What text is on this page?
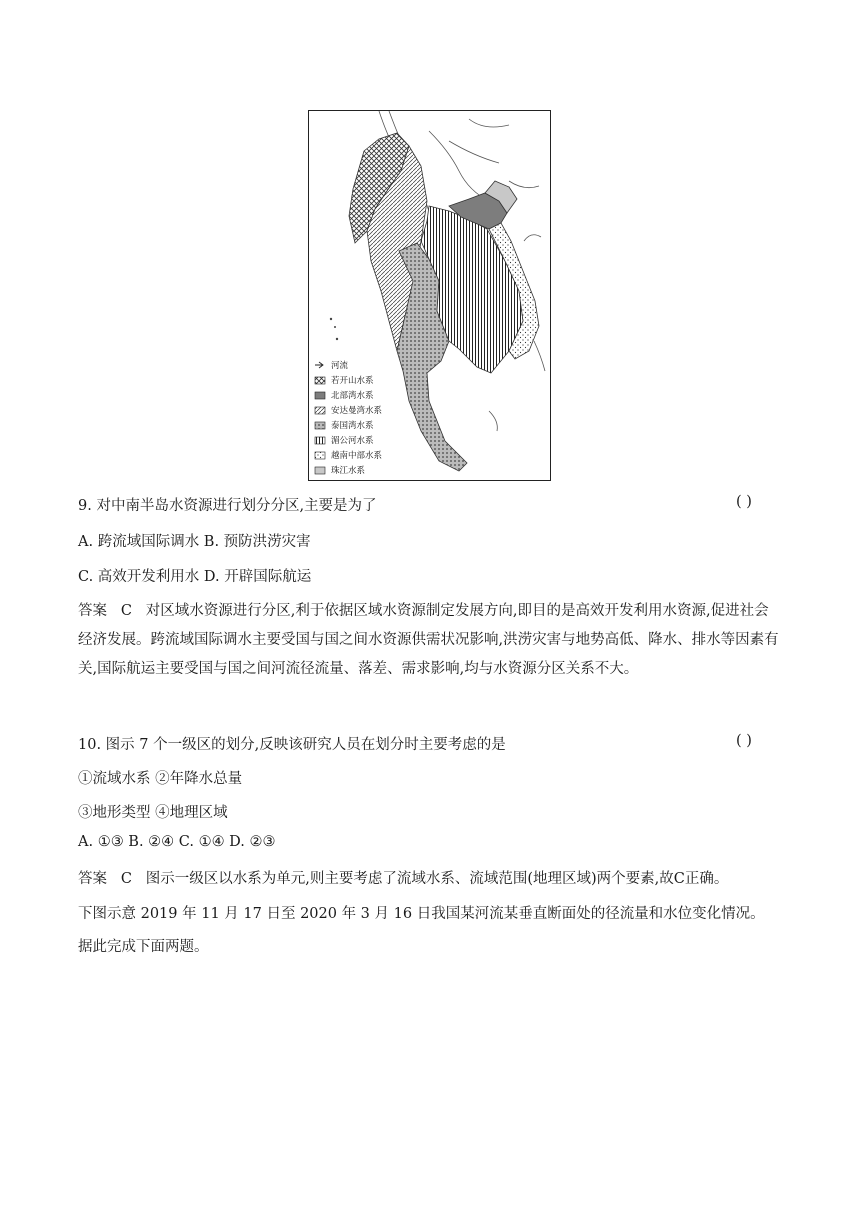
河流
若开山水系
北部湾水系
安达曼湾水系
泰国湾水系
湄公河水系
越南中部水系
珠江水系
9. 对中南半岛水资源进行划分分区,主要是为了	( )
A. 跨流域国际调水 B. 预防洪涝灾害
C. 高效开发利用水 D. 开辟国际航运
答案 C 对区域水资源进行分区,利于依据区域水资源制定发展方向,即目的是高效开发利用水资源,促进社会经济发展。跨流域国际调水主要受国与国之间水资源供需状况影响,洪涝灾害与地势高低、降水、排水等因素有关,国际航运主要受国与国之间河流径流量、落差、需求影响,均与水资源分区关系不大。
10. 图示 7 个一级区的划分,反映该研究人员在划分时主要考虑的是	( )
①流域水系 ②年降水总量
③地形类型 ④地理区域
A. ①③ B. ②④ C. ①④ D. ②③
答案 C 图示一级区以水系为单元,则主要考虑了流域水系、流域范围(地理区域)两个要素,故C正确。
下图示意 2019 年 11 月 17 日至 2020 年 3 月 16 日我国某河流某垂直断面处的径流量和水位变化情况。
据此完成下面两题。
